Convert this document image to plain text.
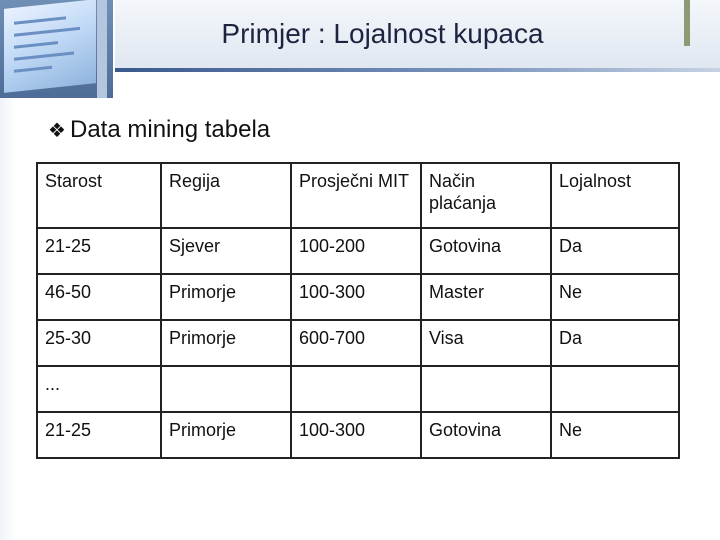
Primjer : Lojalnost kupaca
❖ Data mining tabela
Starost	Regija	Prosječni MIT	Način plaćanja	Lojalnost
21-25	Sjever	100-200	Gotovina	Da
46-50	Primorje	100-300	Master	Ne
25-30	Primorje	600-700	Visa	Da
...				
21-25	Primorje	100-300	Gotovina	Ne
